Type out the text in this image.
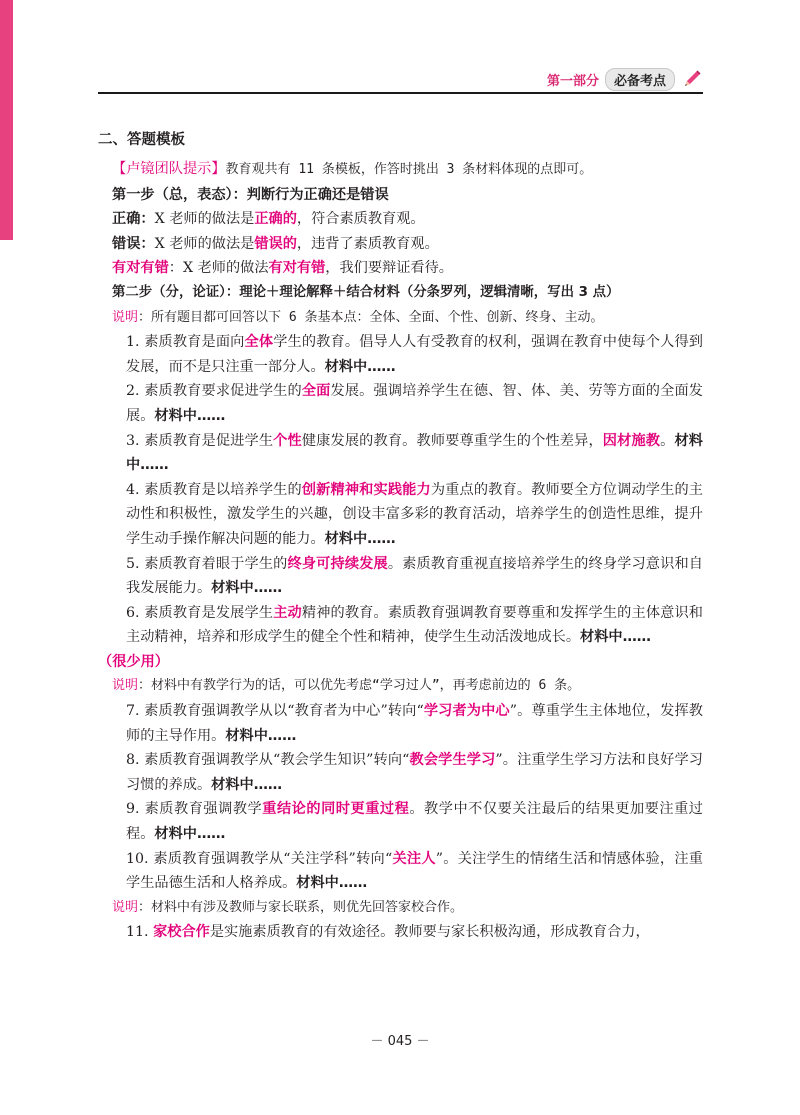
第一部分	必备考点
二、答题模板
【卢镜团队提示】教育观共有 11 条模板，作答时挑出 3 条材料体现的点即可。
第一步（总，表态）：判断行为正确还是错误
正确：X 老师的做法是正确的，符合素质教育观。
错误：X 老师的做法是错误的，违背了素质教育观。
有对有错：X 老师的做法有对有错，我们要辩证看待。
第二步（分，论证）：理论＋理论解释＋结合材料（分条罗列，逻辑清晰，写出 3 点）
说明：所有题目都可回答以下 6 条基本点：全体、全面、个性、创新、终身、主动。

1. 素质教育是面向全体学生的教育。倡导人人有受教育的权利，强调在教育中使每个人得到发展，而不是只注重一部分人。材料中……

2. 素质教育要求促进学生的全面发展。强调培养学生在德、智、体、美、劳等方面的全面发展。材料中……

3. 素质教育是促进学生个性健康发展的教育。教师要尊重学生的个性差异，因材施教。材料中……

4. 素质教育是以培养学生的创新精神和实践能力为重点的教育。教师要全方位调动学生的主动性和积极性，激发学生的兴趣，创设丰富多彩的教育活动，培养学生的创造性思维，提升学生动手操作解决问题的能力。材料中……

5. 素质教育着眼于学生的终身可持续发展。素质教育重视直接培养学生的终身学习意识和自我发展能力。材料中……

6. 素质教育是发展学生主动精神的教育。素质教育强调教育要尊重和发挥学生的主体意识和主动精神，培养和形成学生的健全个性和精神，使学生生动活泼地成长。材料中……

（很少用）
说明：材料中有教学行为的话，可以优先考虑“学习过人”，再考虑前边的 6 条。

7. 素质教育强调教学从以“教育者为中心”转向“学习者为中心”。尊重学生主体地位，发挥教师的主导作用。材料中……

8. 素质教育强调教学从“教会学生知识”转向“教会学生学习”。注重学生学习方法和良好学习习惯的养成。材料中……

9. 素质教育强调教学重结论的同时更重过程。教学中不仅要关注最后的结果更加要注重过程。材料中……

10. 素质教育强调教学从“关注学科”转向“关注人”。关注学生的情绪生活和情感体验，注重学生品德生活和人格养成。材料中……

说明：材料中有涉及教师与家长联系，则优先回答家校合作。

11. 家校合作是实施素质教育的有效途径。教师要与家长积极沟通，形成教育合力，

－ 045 －
